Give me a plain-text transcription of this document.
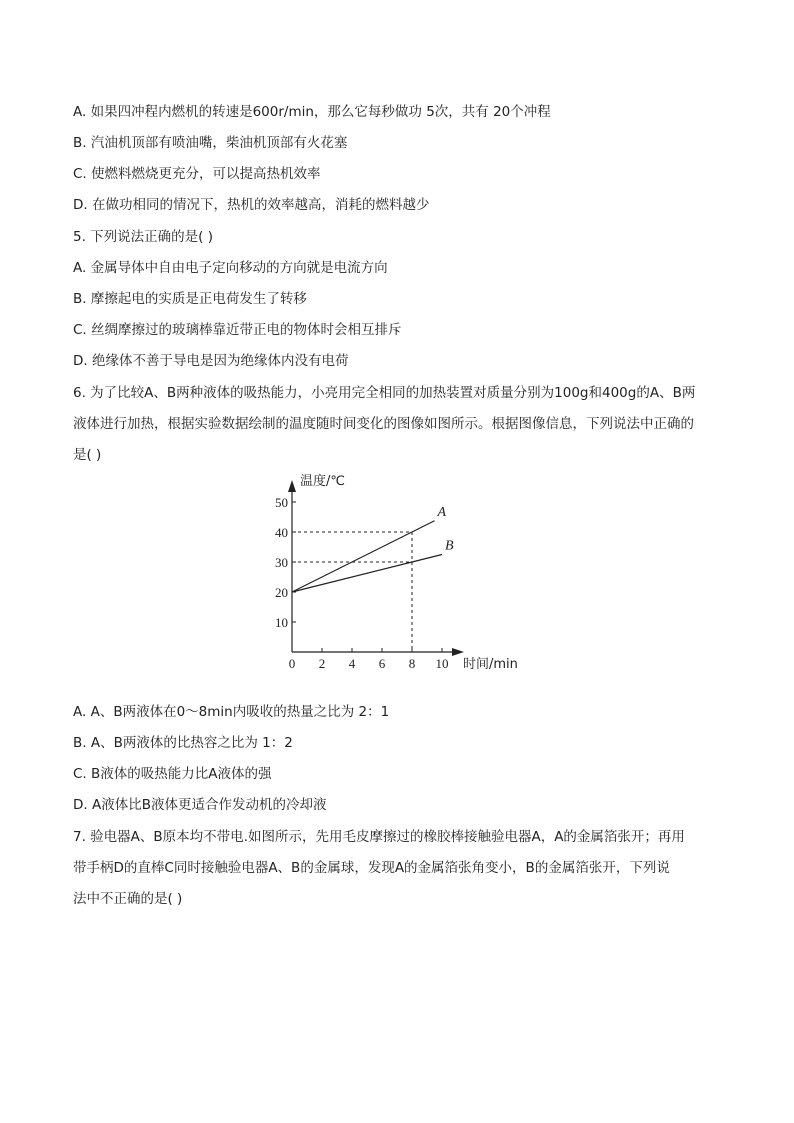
A. 如果四冲程内燃机的转速是600r/min，那么它每秒做功 5次，共有 20个冲程
B. 汽油机顶部有喷油嘴，柴油机顶部有火花塞
C. 使燃料燃烧更充分，可以提高热机效率
D. 在做功相同的情况下，热机的效率越高，消耗的燃料越少
5. 下列说法正确的是( )
A. 金属导体中自由电子定向移动的方向就是电流方向
B. 摩擦起电的实质是正电荷发生了转移
C. 丝绸摩擦过的玻璃棒靠近带正电的物体时会相互排斥
D. 绝缘体不善于导电是因为绝缘体内没有电荷
6. 为了比较A、B两种液体的吸热能力，小亮用完全相同的加热装置对质量分别为100g和400g的A、B两
液体进行加热，根据实验数据绘制的温度随时间变化的图像如图所示。根据图像信息，下列说法中正确的
是( )
温度/℃
时间/min
0 2 4 6 8 10
10
20
30
40
50
A
B
A. A、B两液体在0～8min内吸收的热量之比为 2：1
B. A、B两液体的比热容之比为 1：2
C. B液体的吸热能力比A液体的强
D. A液体比B液体更适合作发动机的冷却液
7. 验电器A、B原本均不带电.如图所示，先用毛皮摩擦过的橡胶棒接触验电器A，A的金属箔张开；再用
带手柄D的直棒C同时接触验电器A、B的金属球，发现A的金属箔张角变小，B的金属箔张开，下列说
法中不正确的是( )
